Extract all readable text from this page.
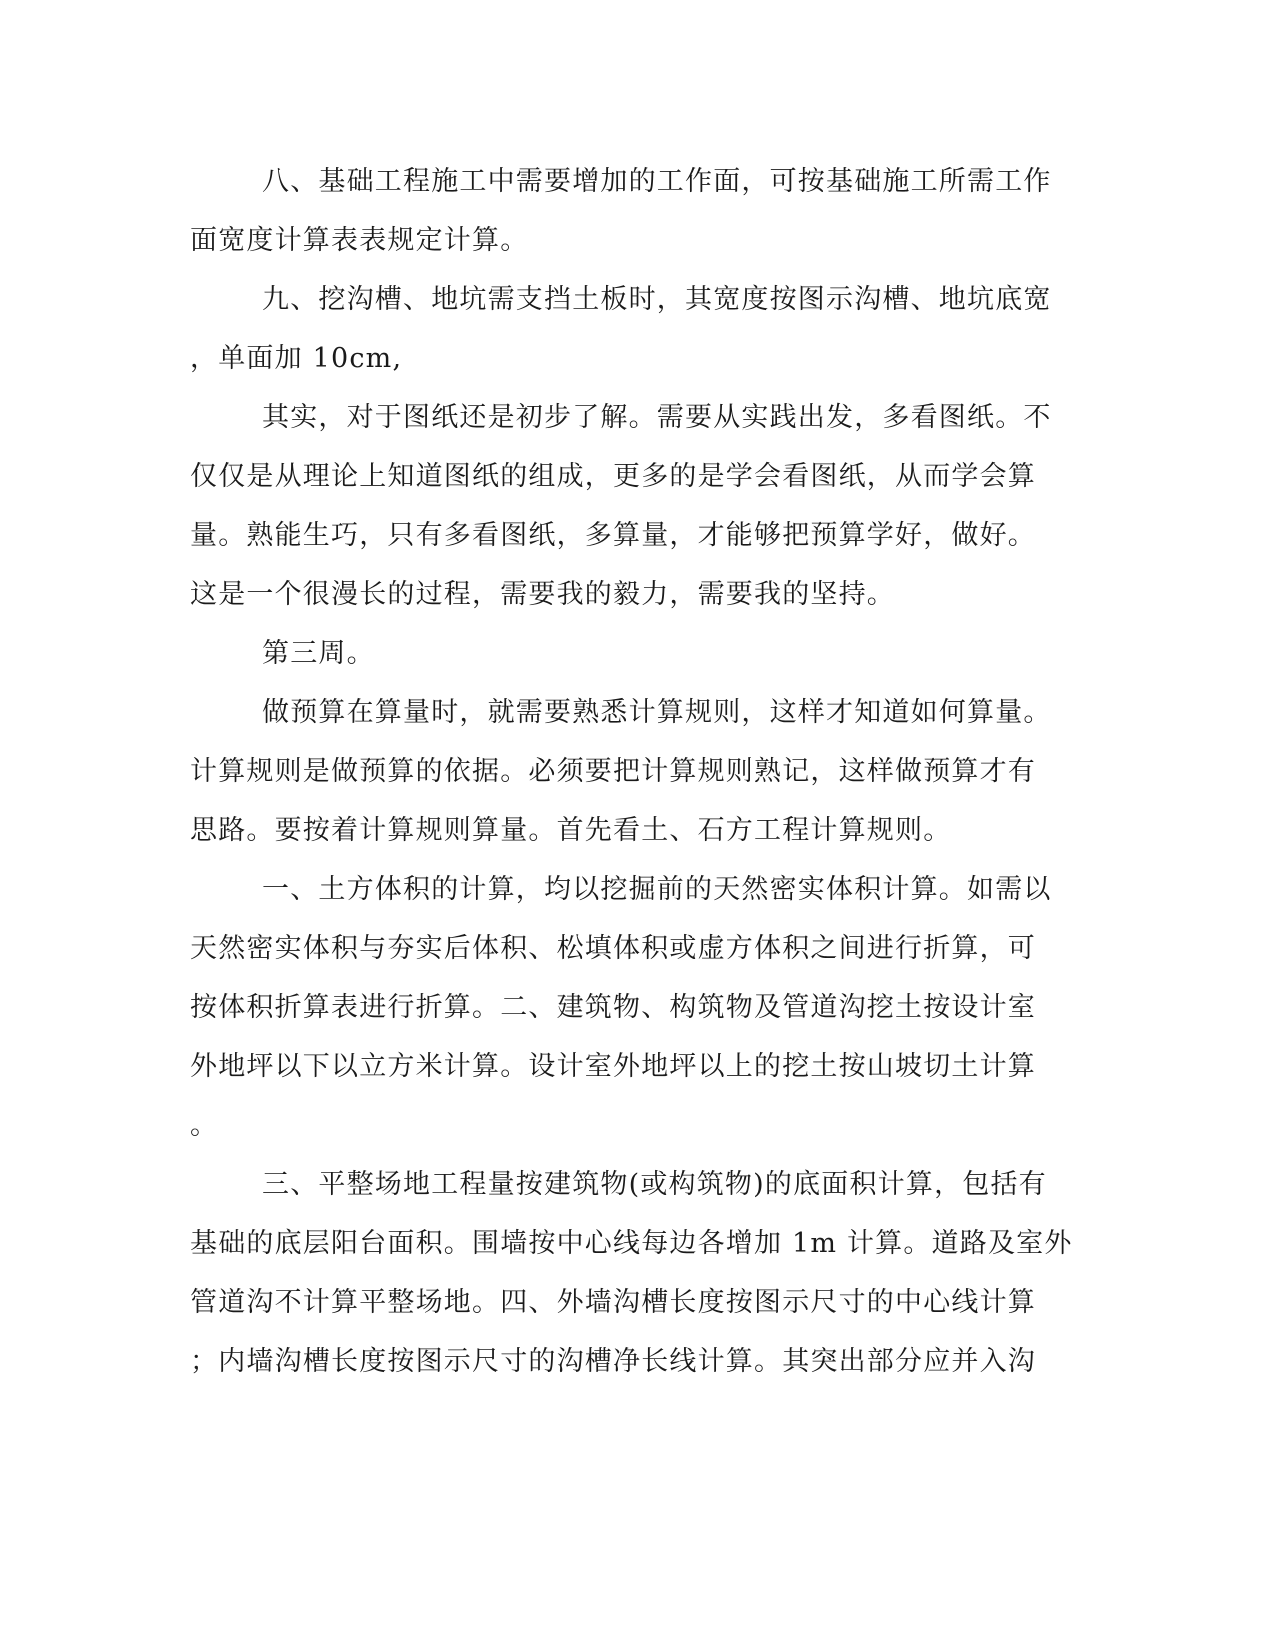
八、基础工程施工中需要增加的工作面，可按基础施工所需工作
面宽度计算表表规定计算。
九、挖沟槽、地坑需支挡土板时，其宽度按图示沟槽、地坑底宽
，单面加 10cm,
其实，对于图纸还是初步了解。需要从实践出发，多看图纸。不
仅仅是从理论上知道图纸的组成，更多的是学会看图纸，从而学会算
量。熟能生巧，只有多看图纸，多算量，才能够把预算学好，做好。
这是一个很漫长的过程，需要我的毅力，需要我的坚持。
第三周。
做预算在算量时，就需要熟悉计算规则，这样才知道如何算量。
计算规则是做预算的依据。必须要把计算规则熟记，这样做预算才有
思路。要按着计算规则算量。首先看土、石方工程计算规则。
一、土方体积的计算，均以挖掘前的天然密实体积计算。如需以
天然密实体积与夯实后体积、松填体积或虚方体积之间进行折算，可
按体积折算表进行折算。二、建筑物、构筑物及管道沟挖土按设计室
外地坪以下以立方米计算。设计室外地坪以上的挖土按山坡切土计算
。
三、平整场地工程量按建筑物(或构筑物)的底面积计算，包括有
基础的底层阳台面积。围墙按中心线每边各增加 1m 计算。道路及室外
管道沟不计算平整场地。四、外墙沟槽长度按图示尺寸的中心线计算
；内墙沟槽长度按图示尺寸的沟槽净长线计算。其突出部分应并入沟
